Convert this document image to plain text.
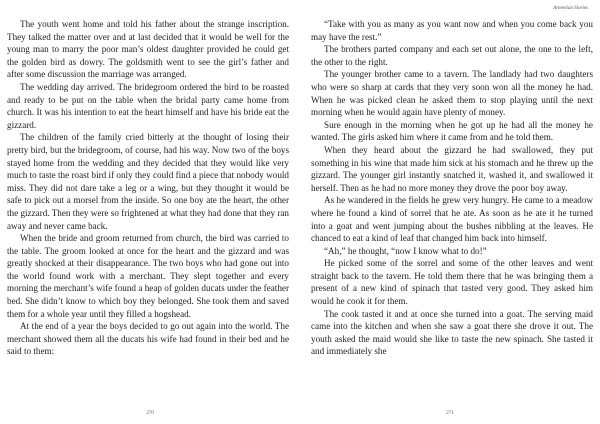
The youth went home and told his father about the strange inscription. They talked the matter over and at last decided that it would be well for the young man to marry the poor man’s oldest daughter provided he could get the golden bird as dowry. The goldsmith went to see the girl’s father and after some discussion the marriage was arranged.

The wedding day arrived. The bridegroom ordered the bird to be roasted and ready to be put on the table when the bridal party came home from church. It was his intention to eat the heart himself and have his bride eat the gizzard.

The children of the family cried bitterly at the thought of losing their pretty bird, but the bridegroom, of course, had his way. Now two of the boys stayed home from the wedding and they decided that they would like very much to taste the roast bird if only they could find a piece that nobody would miss. They did not dare take a leg or a wing, but they thought it would be safe to pick out a morsel from the inside. So one boy ate the heart, the other the gizzard. Then they were so frightened at what they had done that they ran away and never came back.

When the bride and groom returned from church, the bird was carried to the table. The groom looked at once for the heart and the gizzard and was greatly shocked at their disappearance. The two boys who had gone out into the world found work with a merchant. They slept together and every morning the merchant’s wife found a heap of golden ducats under the feather bed. She didn’t know to which boy they belonged. She took them and saved them for a whole year until they filled a hogshead.

At the end of a year the boys decided to go out again into the world. The merchant showed them all the ducats his wife had found in their bed and he said to them:

270
Armenian Stories

“Take with you as many as you want now and when you come back you may have the rest.”

The brothers parted company and each set out alone, the one to the left, the other to the right.

The younger brother came to a tavern. The landlady had two daughters who were so sharp at cards that they very soon won all the money he had. When he was picked clean he asked them to stop playing until the next morning when he would again have plenty of money.

Sure enough in the morning when he got up he had all the money he wanted. The girls asked him where it came from and he told them.

When they heard about the gizzard he had swallowed, they put something in his wine that made him sick at his stomach and he threw up the gizzard. The younger girl instantly snatched it, washed it, and swallowed it herself. Then as he had no more money they drove the poor boy away.

As he wandered in the fields he grew very hungry. He came to a meadow where he found a kind of sorrel that he ate. As soon as he ate it he turned into a goat and went jumping about the bushes nibbling at the leaves. He chanced to eat a kind of leaf that changed him back into himself.

“Ah,” he thought, “now I know what to do!”

He picked some of the sorrel and some of the other leaves and went straight back to the tavern. He told them there that he was bringing them a present of a new kind of spinach that tasted very good. They asked him would he cook it for them.

The cook tasted it and at once she turned into a goat. The serving maid came into the kitchen and when she saw a goat there she drove it out. The youth asked the maid would she like to taste the new spinach. She tasted it and immediately she

271
